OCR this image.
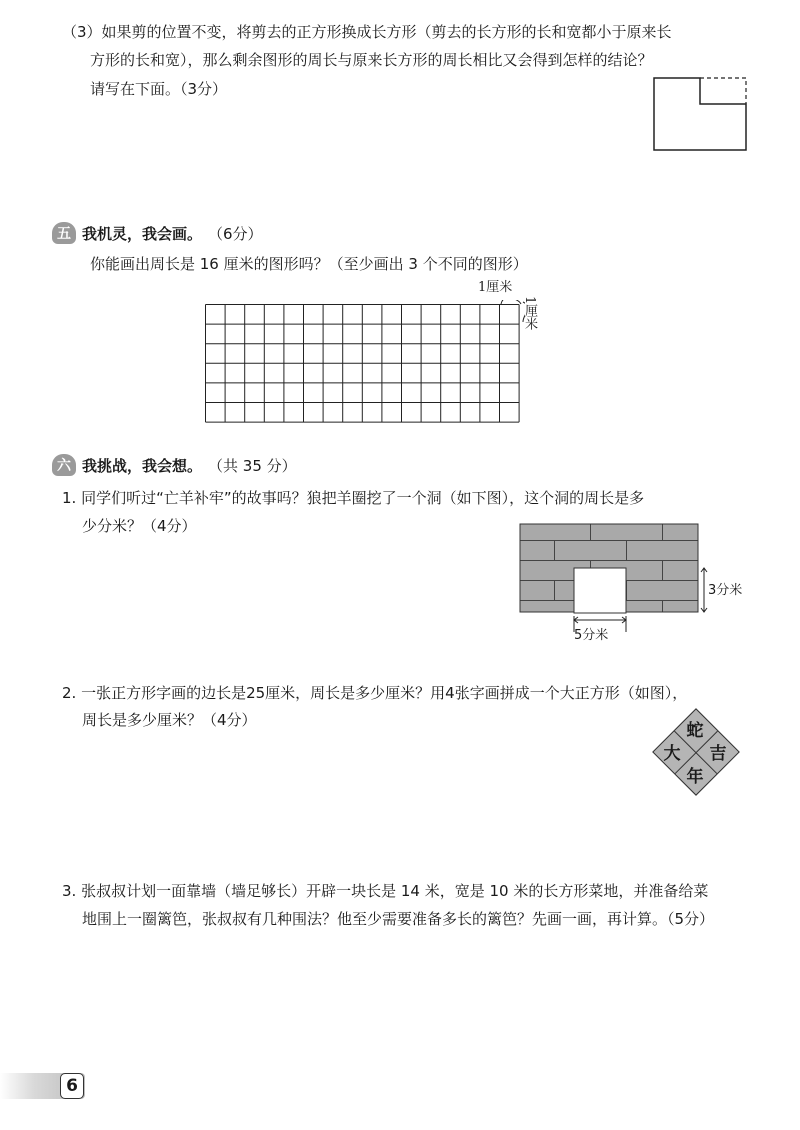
（3）如果剪的位置不变，将剪去的正方形换成长方形（剪去的长方形的长和宽都小于原来长
方形的长和宽），那么剩余图形的周长与原来长方形的周长相比又会得到怎样的结论？
请写在下面。（3分）
五 我机灵，我会画。 （6分）
你能画出周长是 16 厘米的图形吗？（至少画出 3 个不同的图形）
1厘米
1厘米
六 我挑战，我会想。 （共 35 分）
1. 同学们听过“亡羊补牢”的故事吗？狼把羊圈挖了一个洞（如下图），这个洞的周长是多
少分米？（4分）
3分米
5分米
2. 一张正方形字画的边长是25厘米，周长是多少厘米？用4张字画拼成一个大正方形（如图），
周长是多少厘米？（4分）
蛇
吉
大
年
3. 张叔叔计划一面靠墙（墙足够长）开辟一块长是 14 米，宽是 10 米的长方形菜地，并准备给菜
地围上一圈篱笆，张叔叔有几种围法？他至少需要准备多长的篱笆？先画一画，再计算。（5分）
6
